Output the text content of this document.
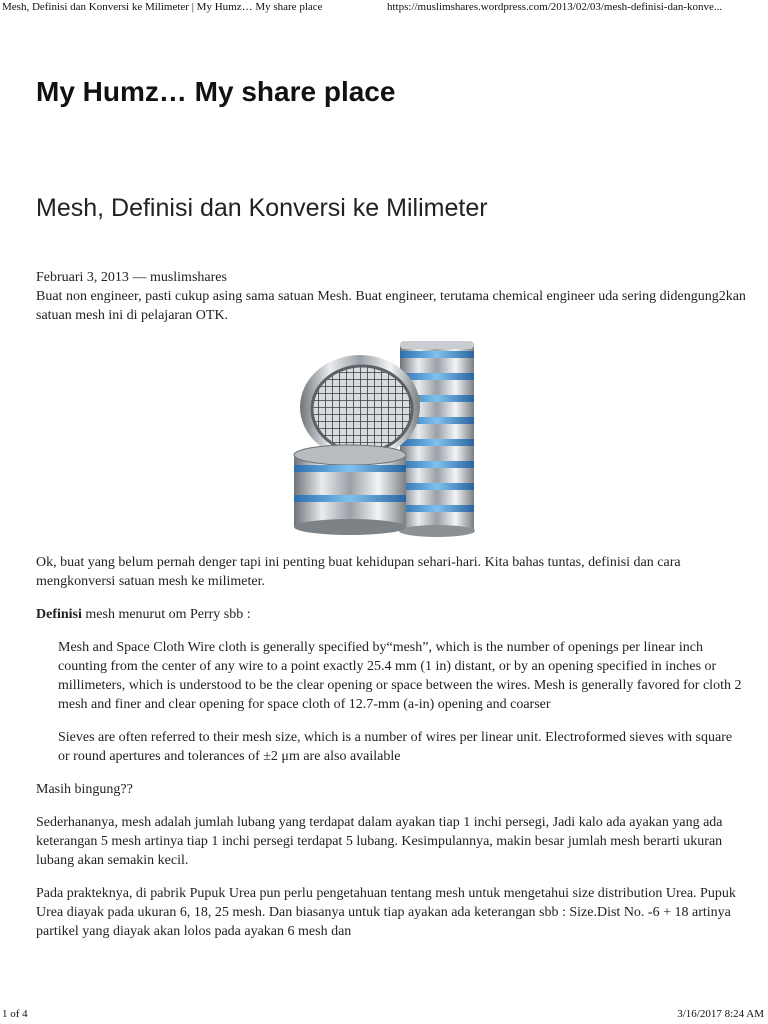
Mesh, Definisi dan Konversi ke Milimeter | My Humz… My share place	https://muslimshares.wordpress.com/2013/02/03/mesh-definisi-dan-konve...
My Humz… My share place
Mesh, Definisi dan Konversi ke Milimeter

Februari 3, 2013 — muslimshares

Buat non engineer, pasti cukup asing sama satuan Mesh. Buat engineer, terutama chemical engineer uda sering didengung2kan satuan mesh ini di pelajaran OTK.

Ok, buat yang belum pernah denger tapi ini penting buat kehidupan sehari-hari. Kita bahas tuntas, definisi dan cara mengkonversi satuan mesh ke milimeter.

Definisi mesh menurut om Perry sbb :

Mesh and Space Cloth Wire cloth is generally specified by“mesh”, which is the number of openings per linear inch counting from the center of any wire to a point exactly 25.4 mm (1 in) distant, or by an opening specified in inches or millimeters, which is understood to be the clear opening or space between the wires. Mesh is generally favored for cloth 2 mesh and finer and clear opening for space cloth of 12.7-mm (a-in) opening and coarser

Sieves are often referred to their mesh size, which is a number of wires per linear unit. Electroformed sieves with square or round apertures and tolerances of ±2 μm are also available

Masih bingung??

Sederhananya, mesh adalah jumlah lubang yang terdapat dalam ayakan tiap 1 inchi persegi, Jadi kalo ada ayakan yang ada keterangan 5 mesh artinya tiap 1 inchi persegi terdapat 5 lubang. Kesimpulannya, makin besar jumlah mesh berarti ukuran lubang akan semakin kecil.

Pada prakteknya, di pabrik Pupuk Urea pun perlu pengetahuan tentang mesh untuk mengetahui size distribution Urea. Pupuk Urea diayak pada ukuran 6, 18, 25 mesh. Dan biasanya untuk tiap ayakan ada keterangan sbb : Size.Dist No. -6 + 18 artinya partikel yang diayak akan lolos pada ayakan 6 mesh dan

1 of 4	3/16/2017 8:24 AM
